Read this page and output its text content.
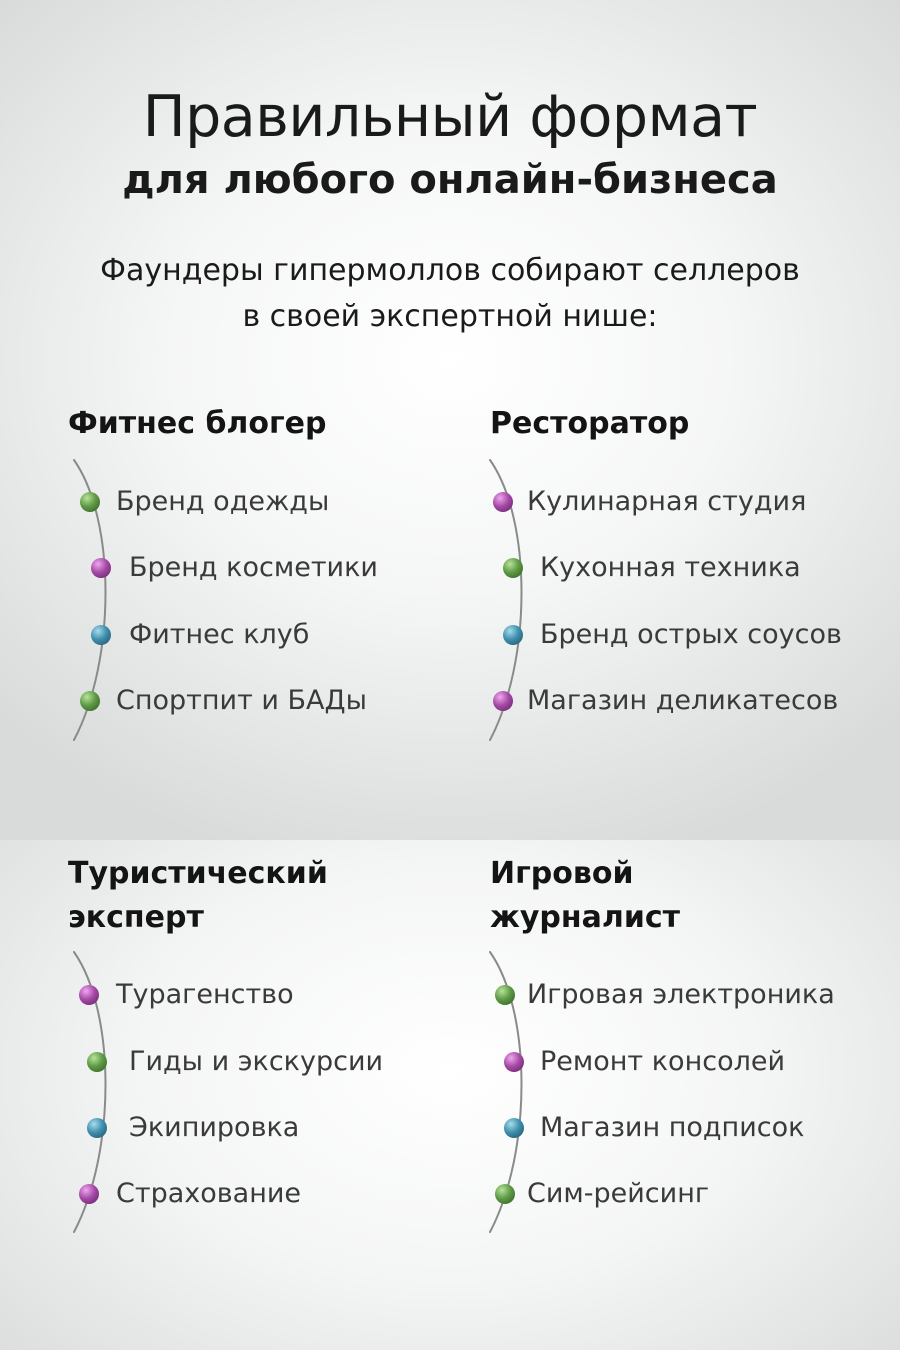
Правильный формат
для любого онлайн-бизнеса

Фаундеры гипермоллов собирают селлеров
в своей экспертной нише:

Фитнес блогер
Бренд одежды
Бренд косметики
Фитнес клуб
Спортпит и БАДы
Ресторатор
Кулинарная студия
Кухонная техника
Бренд острых соусов
Магазин деликатесов
Туристический
эксперт
Турагенство
Гиды и экскурсии
Экипировка
Страхование
Игровой
журналист
Игровая электроника
Ремонт консолей
Магазин подписок
Сим-рейсинг
